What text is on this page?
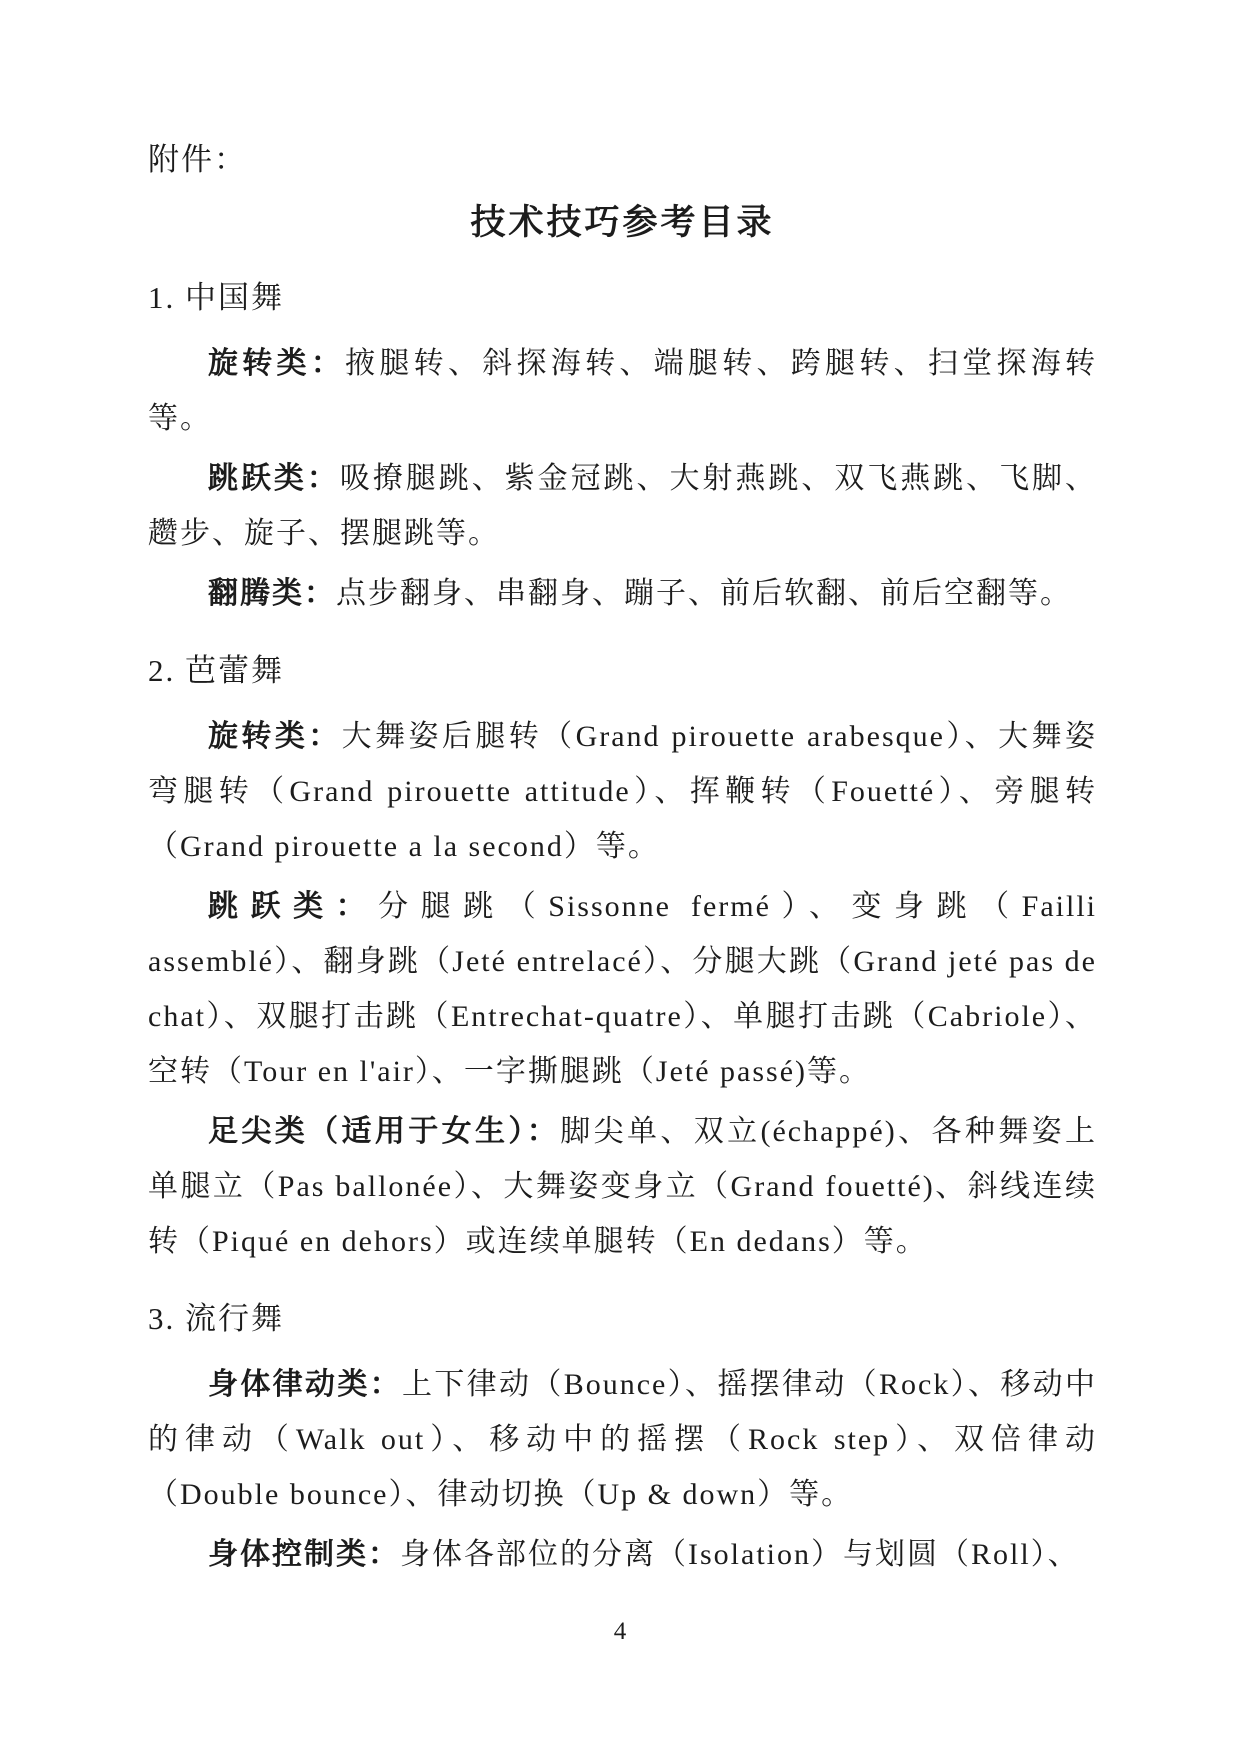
附件：

技术技巧参考目录
1. 中国舞

旋转类：掖腿转、斜探海转、端腿转、跨腿转、扫堂探海转等。

跳跃类：吸撩腿跳、紫金冠跳、大射燕跳、双飞燕跳、飞脚、趱步、旋子、摆腿跳等。

翻腾类：点步翻身、串翻身、蹦子、前后软翻、前后空翻等。

2. 芭蕾舞

旋转类：大舞姿后腿转（Grand pirouette arabesque）、大舞姿弯腿转（Grand pirouette attitude）、挥鞭转（Fouetté）、旁腿转（Grand pirouette a la second）等。

跳跃类：分腿跳（Sissonne fermé）、变身跳（Failli assemblé）、翻身跳（Jeté entrelacé）、分腿大跳（Grand jeté pas de chat）、双腿打击跳（Entrechat-quatre）、单腿打击跳（Cabriole）、空转（Tour en l'air）、一字撕腿跳（Jeté passé)等。

足尖类（适用于女生）：脚尖单、双立(échappé)、各种舞姿上单腿立（Pas ballonée）、大舞姿变身立（Grand fouetté)、斜线连续转（Piqué en dehors）或连续单腿转（En dedans）等。

3. 流行舞

身体律动类：上下律动（Bounce）、摇摆律动（Rock）、移动中的律动（Walk out）、移动中的摇摆（Rock step）、双倍律动（Double bounce）、律动切换（Up & down）等。

身体控制类：身体各部位的分离（Isolation）与划圆（Roll）、

4
